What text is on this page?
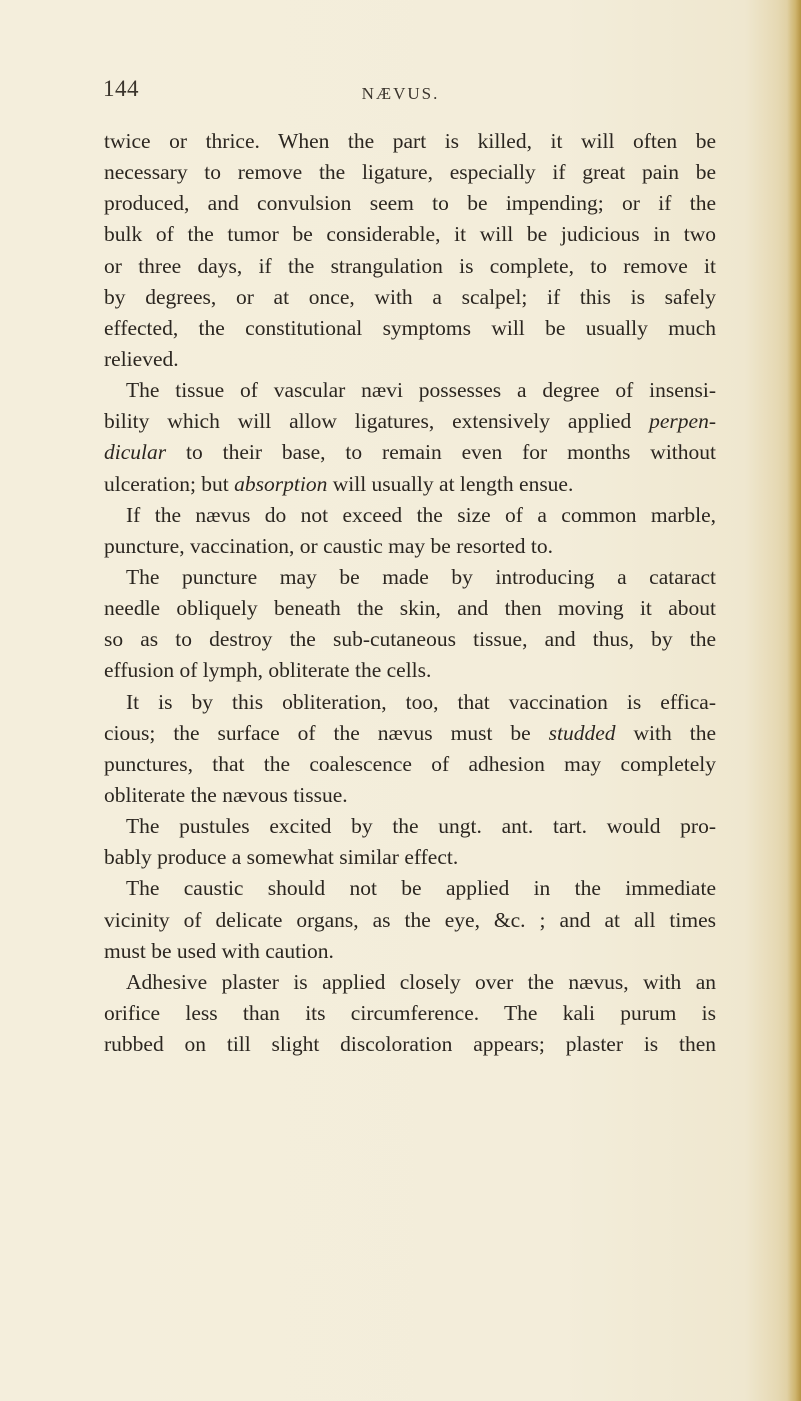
144	NÆVUS.
twice or thrice. When the part is killed, it will often be
necessary to remove the ligature, especially if great pain be
produced, and convulsion seem to be impending; or if the
bulk of the tumor be considerable, it will be judicious in two
or three days, if the strangulation is complete, to remove it
by degrees, or at once, with a scalpel; if this is safely
effected, the constitutional symptoms will be usually much
relieved.
The tissue of vascular nævi possesses a degree of insensi-
bility which will allow ligatures, extensively applied perpen-
dicular to their base, to remain even for months without
ulceration; but absorption will usually at length ensue.
If the nævus do not exceed the size of a common marble,
puncture, vaccination, or caustic may be resorted to.
The puncture may be made by introducing a cataract
needle obliquely beneath the skin, and then moving it about
so as to destroy the sub-cutaneous tissue, and thus, by the
effusion of lymph, obliterate the cells.
It is by this obliteration, too, that vaccination is effica-
cious; the surface of the nævus must be studded with the
punctures, that the coalescence of adhesion may completely
obliterate the nævous tissue.
The pustules excited by the ungt. ant. tart. would pro-
bably produce a somewhat similar effect.
The caustic should not be applied in the immediate
vicinity of delicate organs, as the eye, &c. ; and at all times
must be used with caution.
Adhesive plaster is applied closely over the nævus, with an
orifice less than its circumference. The kali purum is
rubbed on till slight discoloration appears; plaster is then
